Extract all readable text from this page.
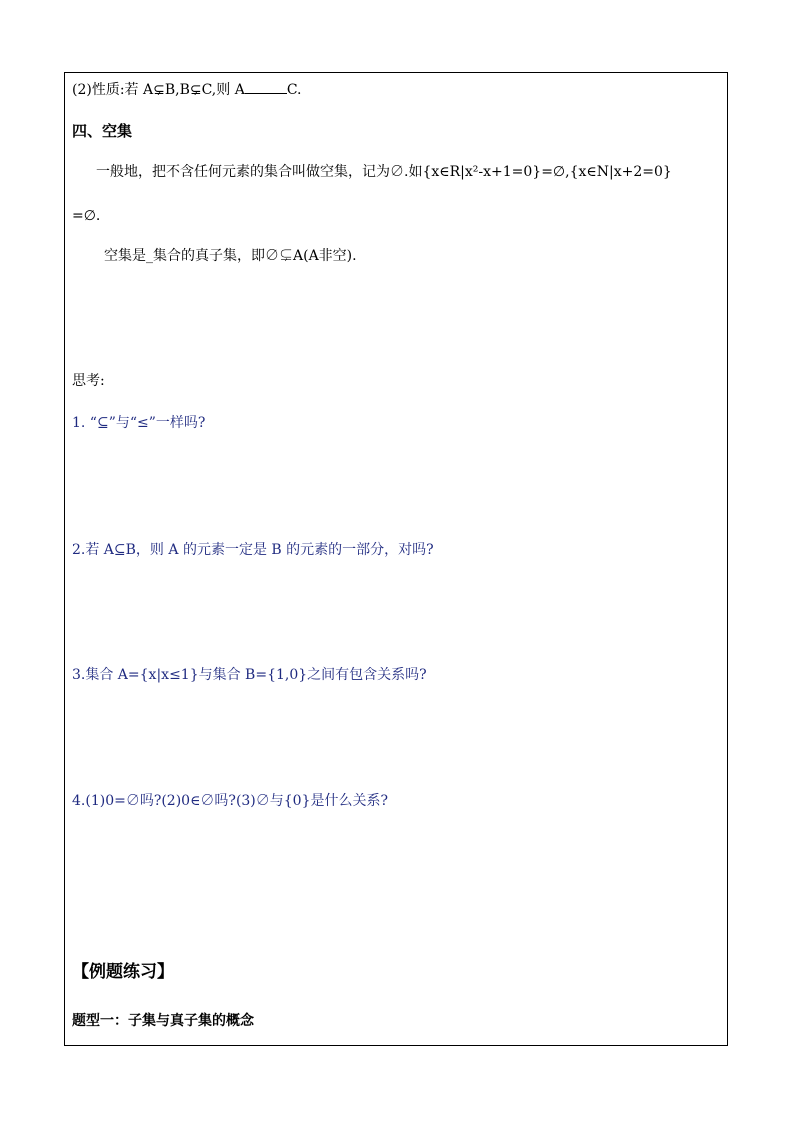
(2)性质:若 A⊊B,B⊊C,则 A	C.
四、空集
一般地，把不含任何元素的集合叫做空集，记为∅.如{x∈R|x²-x+1=0}=∅,{x∈N|x+2=0}
=∅.
空集是_集合的真子集，即∅⊊A(A非空).
思考:
1. “⊆”与“≤”一样吗?
2.若 A⊆B，则 A 的元素一定是 B 的元素的一部分，对吗?
3.集合 A={x|x≤1}与集合 B={1,0}之间有包含关系吗?
4.(1)0=∅吗?(2)0∈∅吗?(3)∅与{0}是什么关系?
【例题练习】
题型一：子集与真子集的概念
